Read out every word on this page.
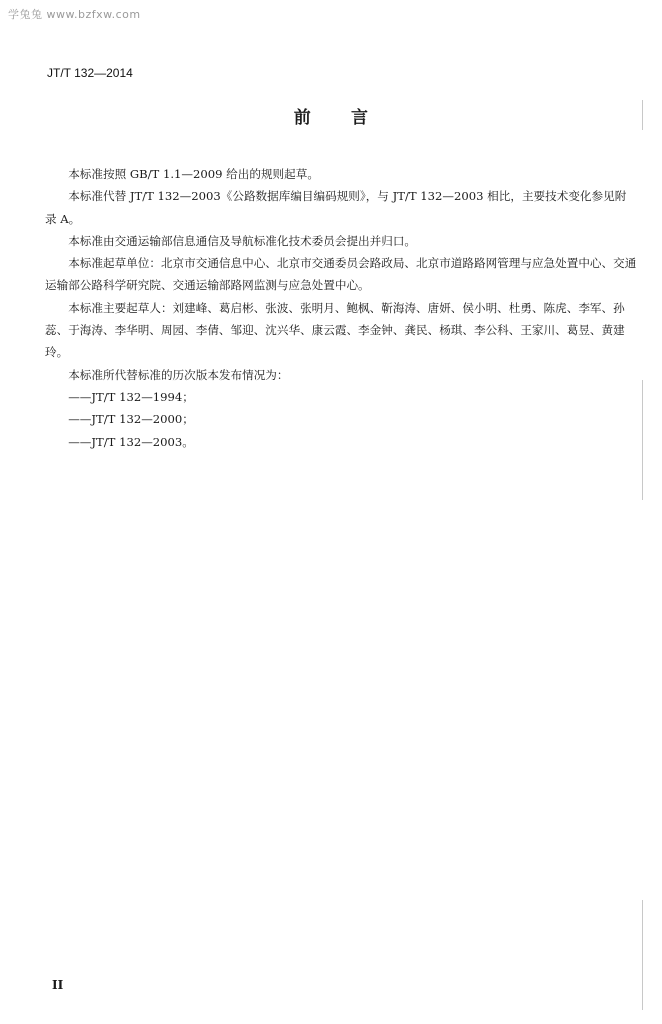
学兔兔 www.bzfxw.com
JT/T 132—2014
前 言

本标准按照 GB/T 1.1—2009 给出的规则起草。

本标准代替 JT/T 132—2003《公路数据库编目编码规则》，与 JT/T 132—2003 相比，主要技术变化参见附录 A。

本标准由交通运输部信息通信及导航标准化技术委员会提出并归口。

本标准起草单位：北京市交通信息中心、北京市交通委员会路政局、北京市道路路网管理与应急处置中心、交通运输部公路科学研究院、交通运输部路网监测与应急处置中心。

本标准主要起草人：刘建峰、葛启彬、张波、张明月、鲍枫、靳海涛、唐妍、侯小明、杜勇、陈虎、李军、孙蕊、于海涛、李华明、周园、李倩、邹迎、沈兴华、康云霞、李金钟、龚民、杨琪、李公科、王家川、葛昱、黄建玲。

本标准所代替标准的历次版本发布情况为：

——JT/T 132—1994；

——JT/T 132—2000；

——JT/T 132—2003。

II
